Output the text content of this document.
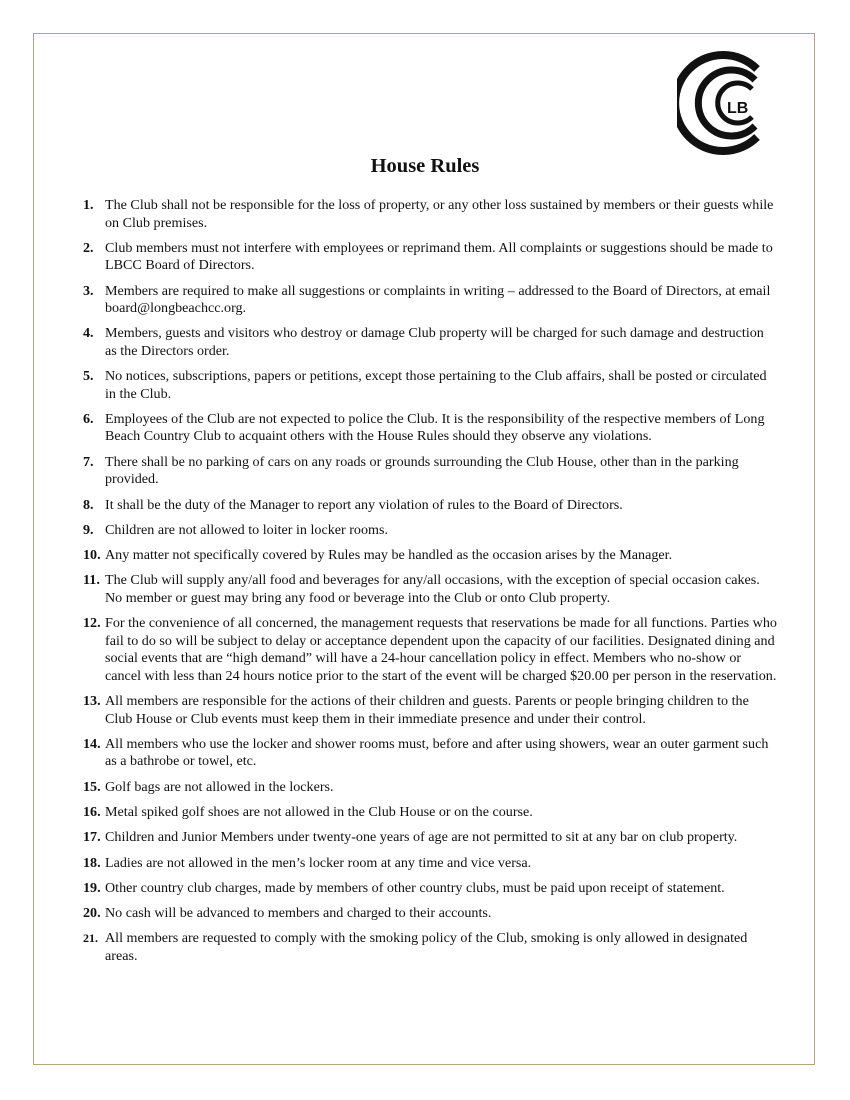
LB
House Rules
1. The Club shall not be responsible for the loss of property, or any other loss sustained by members or their guests while on Club premises.
2. Club members must not interfere with employees or reprimand them. All complaints or suggestions should be made to LBCC Board of Directors.
3. Members are required to make all suggestions or complaints in writing – addressed to the Board of Directors, at email board@longbeachcc.org.
4. Members, guests and visitors who destroy or damage Club property will be charged for such damage and destruction as the Directors order.
5. No notices, subscriptions, papers or petitions, except those pertaining to the Club affairs, shall be posted or circulated in the Club.
6. Employees of the Club are not expected to police the Club. It is the responsibility of the respective members of Long Beach Country Club to acquaint others with the House Rules should they observe any violations.
7. There shall be no parking of cars on any roads or grounds surrounding the Club House, other than in the parking provided.
8. It shall be the duty of the Manager to report any violation of rules to the Board of Directors.
9. Children are not allowed to loiter in locker rooms.
10. Any matter not specifically covered by Rules may be handled as the occasion arises by the Manager.
11. The Club will supply any/all food and beverages for any/all occasions, with the exception of special occasion cakes. No member or guest may bring any food or beverage into the Club or onto Club property.
12. For the convenience of all concerned, the management requests that reservations be made for all functions. Parties who fail to do so will be subject to delay or acceptance dependent upon the capacity of our facilities. Designated dining and social events that are “high demand” will have a 24-hour cancellation policy in effect. Members who no-show or cancel with less than 24 hours notice prior to the start of the event will be charged $20.00 per person in the reservation.
13. All members are responsible for the actions of their children and guests. Parents or people bringing children to the Club House or Club events must keep them in their immediate presence and under their control.
14. All members who use the locker and shower rooms must, before and after using showers, wear an outer garment such as a bathrobe or towel, etc.
15. Golf bags are not allowed in the lockers.
16. Metal spiked golf shoes are not allowed in the Club House or on the course.
17. Children and Junior Members under twenty-one years of age are not permitted to sit at any bar on club property.
18. Ladies are not allowed in the men’s locker room at any time and vice versa.
19. Other country club charges, made by members of other country clubs, must be paid upon receipt of statement.
20. No cash will be advanced to members and charged to their accounts.
21. All members are requested to comply with the smoking policy of the Club, smoking is only allowed in designated areas.
